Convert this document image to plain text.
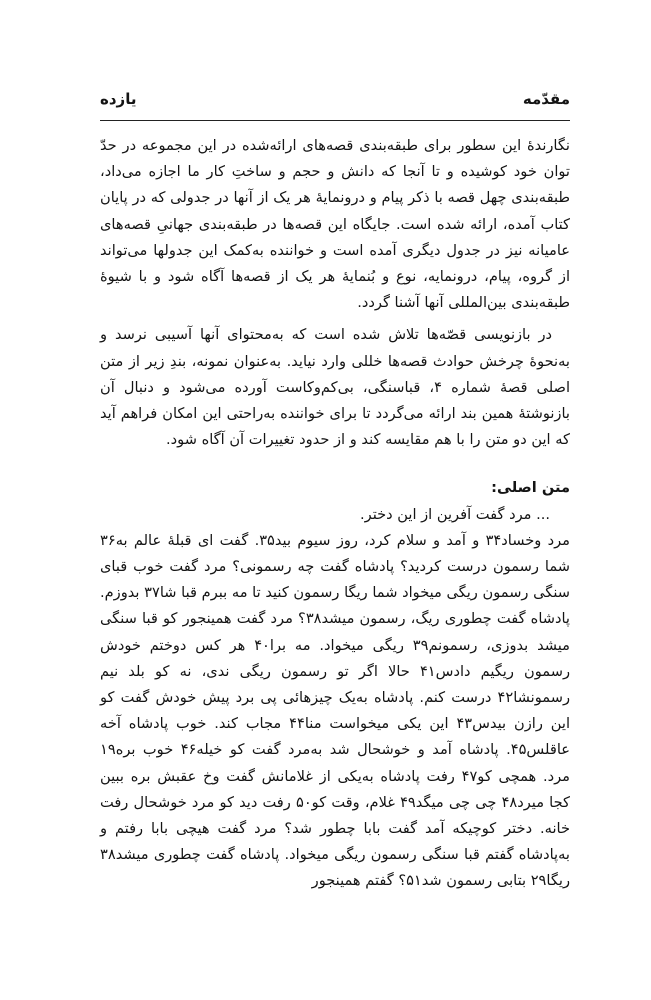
مقدّمه
یازده

نگارندهٔ این سطور برای طبقه‌بندی قصه‌های ارائه‌شده در این مجموعه در حدّ توان خود کوشیده و تا آنجا که دانش و حجم و ساختِ کار ما اجازه می‌داد، طبقه‌بندی چهل قصه با ذکر پیام و درونمایهٔ هر یک از آنها در جدولی که در پایان کتاب آمده، ارائه شده است. جایگاه این قصه‌ها در طبقه‌بندی جهانیِ قصه‌های عامیانه نیز در جدول دیگری آمده است و خواننده به‌کمک این جدولها می‌تواند از گروه، پیام، درونمایه، نوع و بُنمایهٔ هر یک از قصه‌ها آگاه شود و با شیوهٔ طبقه‌بندی بین‌المللی آنها آشنا گردد.

در بازنویسی قصّه‌ها تلاش شده است که به‌محتوای آنها آسیبی نرسد و به‌نحوهٔ چرخش حوادث قصه‌ها خللی وارد نیاید. به‌عنوان نمونه، بندِ زیر از متن اصلی قصهٔ شماره ۴، قباسنگی، بی‌کم‌وکاست آورده می‌شود و دنبال آن بازنوشتهٔ همین بند ارائه می‌گردد تا برای خواننده به‌راحتی این امکان فراهم آید که این دو متن را با هم مقایسه کند و از حدود تغییرات آن آگاه شود.

متن اصلی:

... مرد گفت آفرین از این دختر.

مرد وخساد۳۴ و آمد و سلام کرد، روز سیوم بید۳۵. گفت ای قبلهٔ عالم به۳۶ شما رسمون درست کردید؟ پادشاه گفت چه رسمونی؟ مرد گفت خوب قبای سنگی رسمون ریگی میخواد شما ریگا رسمون کنید تا مه ببرم قبا شا۳۷ بدوزم. پادشاه گفت چطوری ریگ، رسمون میشد۳۸؟ مرد گفت همینجور کو قبا سنگی میشد بدوزی، رسمونم۳۹ ریگی میخواد. مه برا۴۰ هر کس دوختم خودش رسمون ریگیم دادس۴۱ حالا اگر تو رسمون ریگی ندی، نه کو بلد نیم رسمونشا۴۲ درست کنم. پادشاه به‌یک چیزهائی پی برد پیش خودش گفت کو این رازن بیدس۴۳ این یکی میخواست منا۴۴ مجاب کند. خوب پادشاه آخه عاقلس۴۵. پادشاه آمد و خوشحال شد به‌مرد گفت کو خیله۴۶ خوب بره۱۹ مرد. همچی کو۴۷ رفت پادشاه به‌یکی از غلامانش گفت وخ عقبش بره ببین کجا میرد۴۸ چی چی میگد۴۹ غلام، وقت کو۵۰ رفت دید کو مرد خوشحال رفت خانه. دختر کوچیکه آمد گفت بابا چطور شد؟ مرد گفت هیچی بابا رفتم و به‌پادشاه گفتم قبا سنگی رسمون ریگی میخواد. پادشاه گفت چطوری میشد۳۸ ریگا۲۹ بتابی رسمون شد۵۱؟ گفتم همینجور
